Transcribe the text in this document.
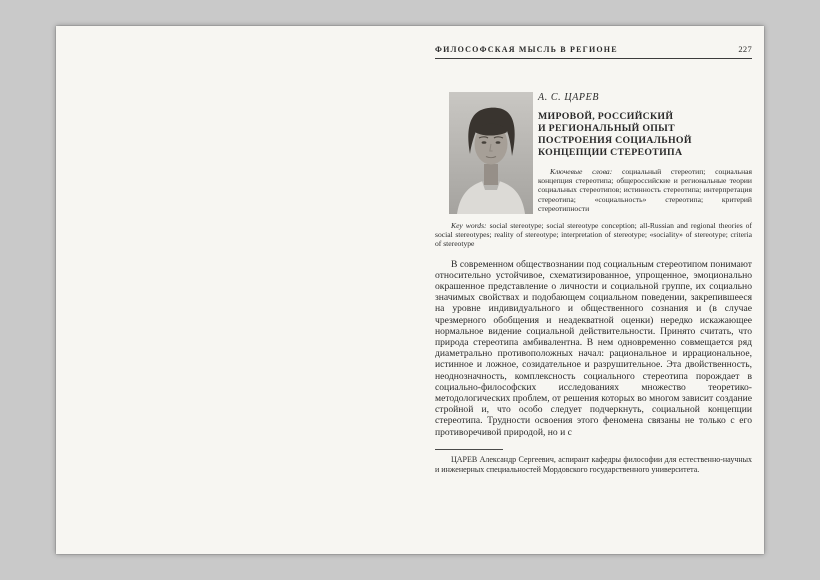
ФИЛОСОФСКАЯ МЫСЛЬ В РЕГИОНЕ	227
А. С. ЦАРЕВ
МИРОВОЙ, РОССИЙСКИЙ
И РЕГИОНАЛЬНЫЙ ОПЫТ
ПОСТРОЕНИЯ СОЦИАЛЬНОЙ
КОНЦЕПЦИИ СТЕРЕОТИПА

Ключевые слова: социальный стереотип; социальная концепция стереотипа; общероссийские и региональные теории социальных стереотипов; истинность стереотипа; интерпретация стереотипа; «социальность» стереотипа; критерий стереотипности

Key words: social stereotype; social stereotype conception; all-Russian and regional theories of social stereotypes; reality of stereotype; interpretation of stereotype; «sociality» of stereotype; criteria of stereotype

В современном обществознании под социальным стереотипом понимают относительно устойчивое, схематизированное, упрощенное, эмоционально окрашенное представление о личности и социальной группе, их социально значимых свойствах и подобающем социальном поведении, закрепившееся на уровне индивидуального и общественного сознания и (в случае чрезмерного обобщения и неадекватной оценки) нередко искажающее нормальное видение социальной действительности. Принято считать, что природа стереотипа амбивалентна. В нем одновременно совмещается ряд диаметрально противоположных начал: рациональное и иррациональное, истинное и ложное, созидательное и разрушительное. Эта двойственность, неоднозначность, комплексность социального стереотипа порождает в социально-философских исследованиях множество теоретико-методологических проблем, от решения которых во многом зависит создание стройной и, что особо следует подчеркнуть, социальной концепции стереотипа. Трудности освоения этого феномена связаны не только с его противоречивой природой, но и с

ЦАРЕВ Александр Сергеевич, аспирант кафедры философии для естественно-научных и инженерных специальностей Мордовского государственного университета.
